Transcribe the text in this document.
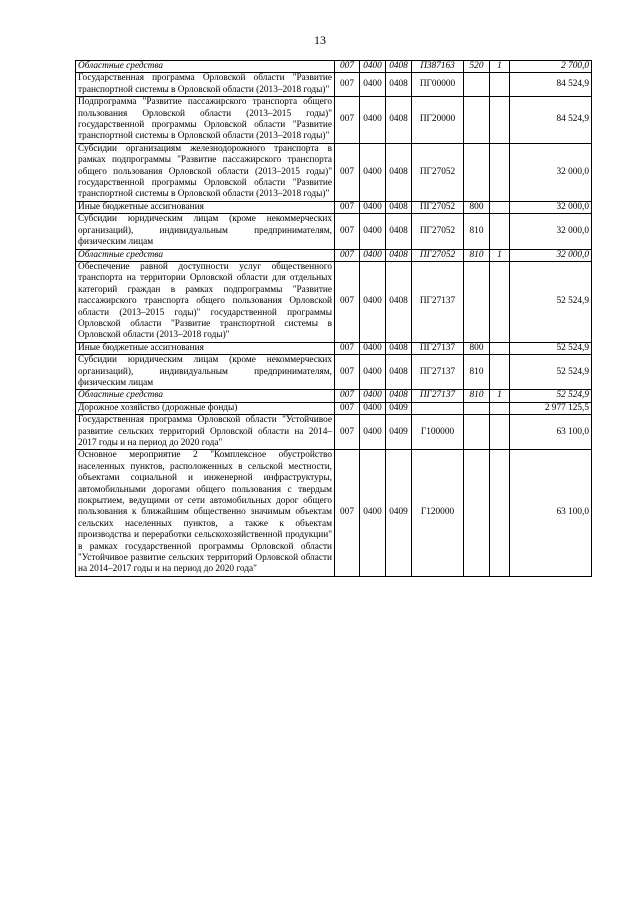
13
Областные средства	007	0400	0408	П387163	520	1	2 700,0
Государственная программа Орловской области "Развитие транспортной системы в Орловской области (2013–2018 годы)"	007	0400	0408	ПГ00000			84 524,9
Подпрограмма "Развитие пассажирского транспорта общего пользования Орловской области (2013–2015 годы)" государственной программы Орловской области "Развитие транспортной системы в Орловской области (2013–2018 годы)"	007	0400	0408	ПГ20000			84 524,9
Субсидии организациям железнодорожного транспорта в рамках подпрограммы "Развитие пассажирского транспорта общего пользования Орловской области (2013–2015 годы)" государственной программы Орловской области "Развитие транспортной системы в Орловской области (2013–2018 годы)"	007	0400	0408	ПГ27052			32 000,0
Иные бюджетные ассигнования	007	0400	0408	ПГ27052	800		32 000,0
Субсидии юридическим лицам (кроме некоммерческих организаций), индивидуальным предпринимателям, физическим лицам	007	0400	0408	ПГ27052	810		32 000,0
Областные средства	007	0400	0408	ПГ27052	810	1	32 000,0
Обеспечение равной доступности услуг общественного транспорта на территории Орловской области для отдельных категорий граждан в рамках подпрограммы "Развитие пассажирского транспорта общего пользования Орловской области (2013–2015 годы)" государственной программы Орловской области "Развитие транспортной системы в Орловской области (2013–2018 годы)"	007	0400	0408	ПГ27137			52 524,9
Иные бюджетные ассигнования	007	0400	0408	ПГ27137	800		52 524,9
Субсидии юридическим лицам (кроме некоммерческих организаций), индивидуальным предпринимателям, физическим лицам	007	0400	0408	ПГ27137	810		52 524,9
Областные средства	007	0400	0408	ПГ27137	810	1	52 524,9
Дорожное хозяйство (дорожные фонды)	007	0400	0409				2 977 125,5
Государственная программа Орловской области "Устойчивое развитие сельских территорий Орловской области на 2014–2017 годы и на период до 2020 года"	007	0400	0409	Г100000			63 100,0
Основное мероприятие 2 "Комплексное обустройство населенных пунктов, расположенных в сельской местности, объектами социальной и инженерной инфраструктуры, автомобильными дорогами общего пользования с твердым покрытием, ведущими от сети автомобильных дорог общего пользования к ближайшим общественно значимым объектам сельских населенных пунктов, а также к объектам производства и переработки сельскохозяйственной продукции" в рамках государственной программы Орловской области "Устойчивое развитие сельских территорий Орловской области на 2014–2017 годы и на период до 2020 года"	007	0400	0409	Г120000			63 100,0
